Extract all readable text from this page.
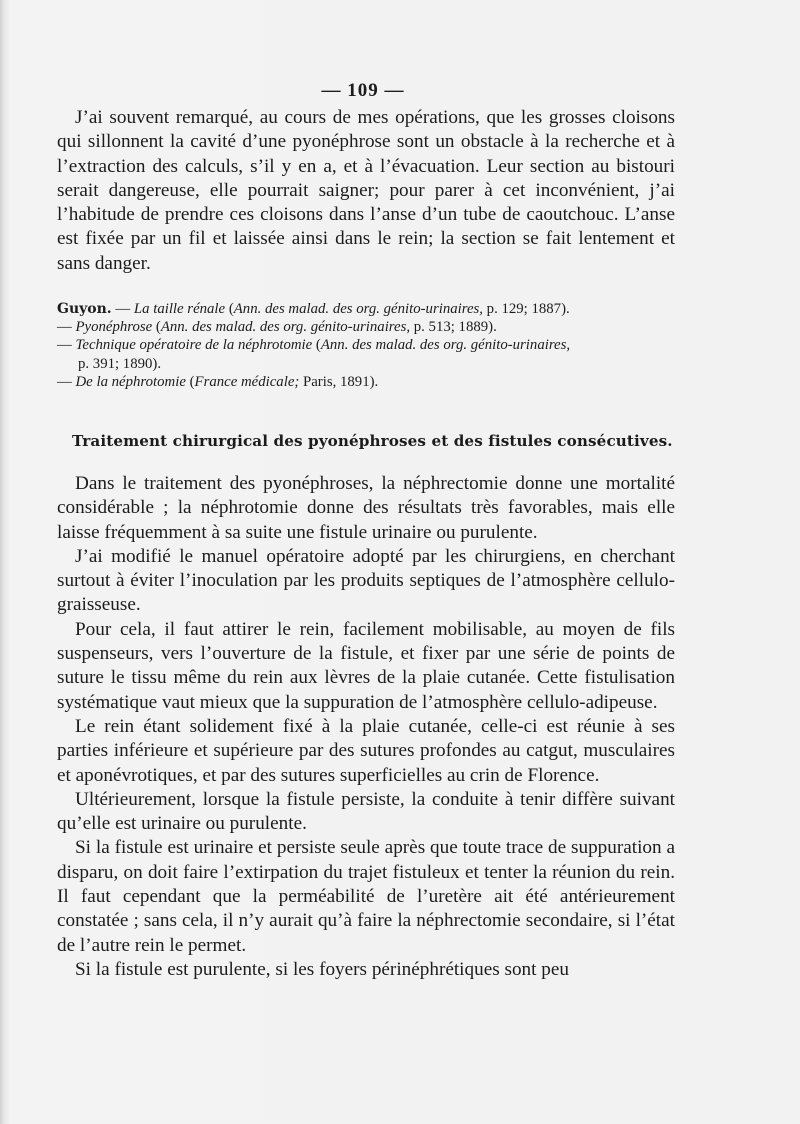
— 109 —

J’ai souvent remarqué, au cours de mes opérations, que les grosses cloisons qui sillonnent la cavité d’une pyonéphrose sont un obstacle à la recherche et à l’extraction des calculs, s’il y en a, et à l’évacuation. Leur section au bistouri serait dangereuse, elle pourrait saigner; pour parer à cet inconvénient, j’ai l’habitude de prendre ces cloisons dans l’anse d’un tube de caoutchouc. L’anse est fixée par un fil et laissée ainsi dans le rein; la section se fait lentement et sans danger.

Guyon. — La taille rénale (Ann. des malad. des org. génito-urinaires, p. 129; 1887).
— Pyonéphrose (Ann. des malad. des org. génito-urinaires, p. 513; 1889).
— Technique opératoire de la néphrotomie (Ann. des malad. des org. génito-urinaires,
p. 391; 1890).
— De la néphrotomie (France médicale; Paris, 1891).
Traitement chirurgical des pyonéphroses et des fistules consécutives.

Dans le traitement des pyonéphroses, la néphrectomie donne une mortalité considérable ; la néphrotomie donne des résultats très favorables, mais elle laisse fréquemment à sa suite une fistule urinaire ou purulente.

J’ai modifié le manuel opératoire adopté par les chirurgiens, en cherchant surtout à éviter l’inoculation par les produits septiques de l’atmosphère cellulo-graisseuse.

Pour cela, il faut attirer le rein, facilement mobilisable, au moyen de fils suspenseurs, vers l’ouverture de la fistule, et fixer par une série de points de suture le tissu même du rein aux lèvres de la plaie cutanée. Cette fistulisation systématique vaut mieux que la suppuration de l’atmosphère cellulo-adipeuse.

Le rein étant solidement fixé à la plaie cutanée, celle-ci est réunie à ses parties inférieure et supérieure par des sutures profondes au catgut, musculaires et aponévrotiques, et par des sutures superficielles au crin de Florence.

Ultérieurement, lorsque la fistule persiste, la conduite à tenir diffère suivant qu’elle est urinaire ou purulente.

Si la fistule est urinaire et persiste seule après que toute trace de suppuration a disparu, on doit faire l’extirpation du trajet fistuleux et tenter la réunion du rein. Il faut cependant que la perméabilité de l’uretère ait été antérieurement constatée ; sans cela, il n’y aurait qu’à faire la néphrectomie secondaire, si l’état de l’autre rein le permet.

Si la fistule est purulente, si les foyers périnéphrétiques sont peu
